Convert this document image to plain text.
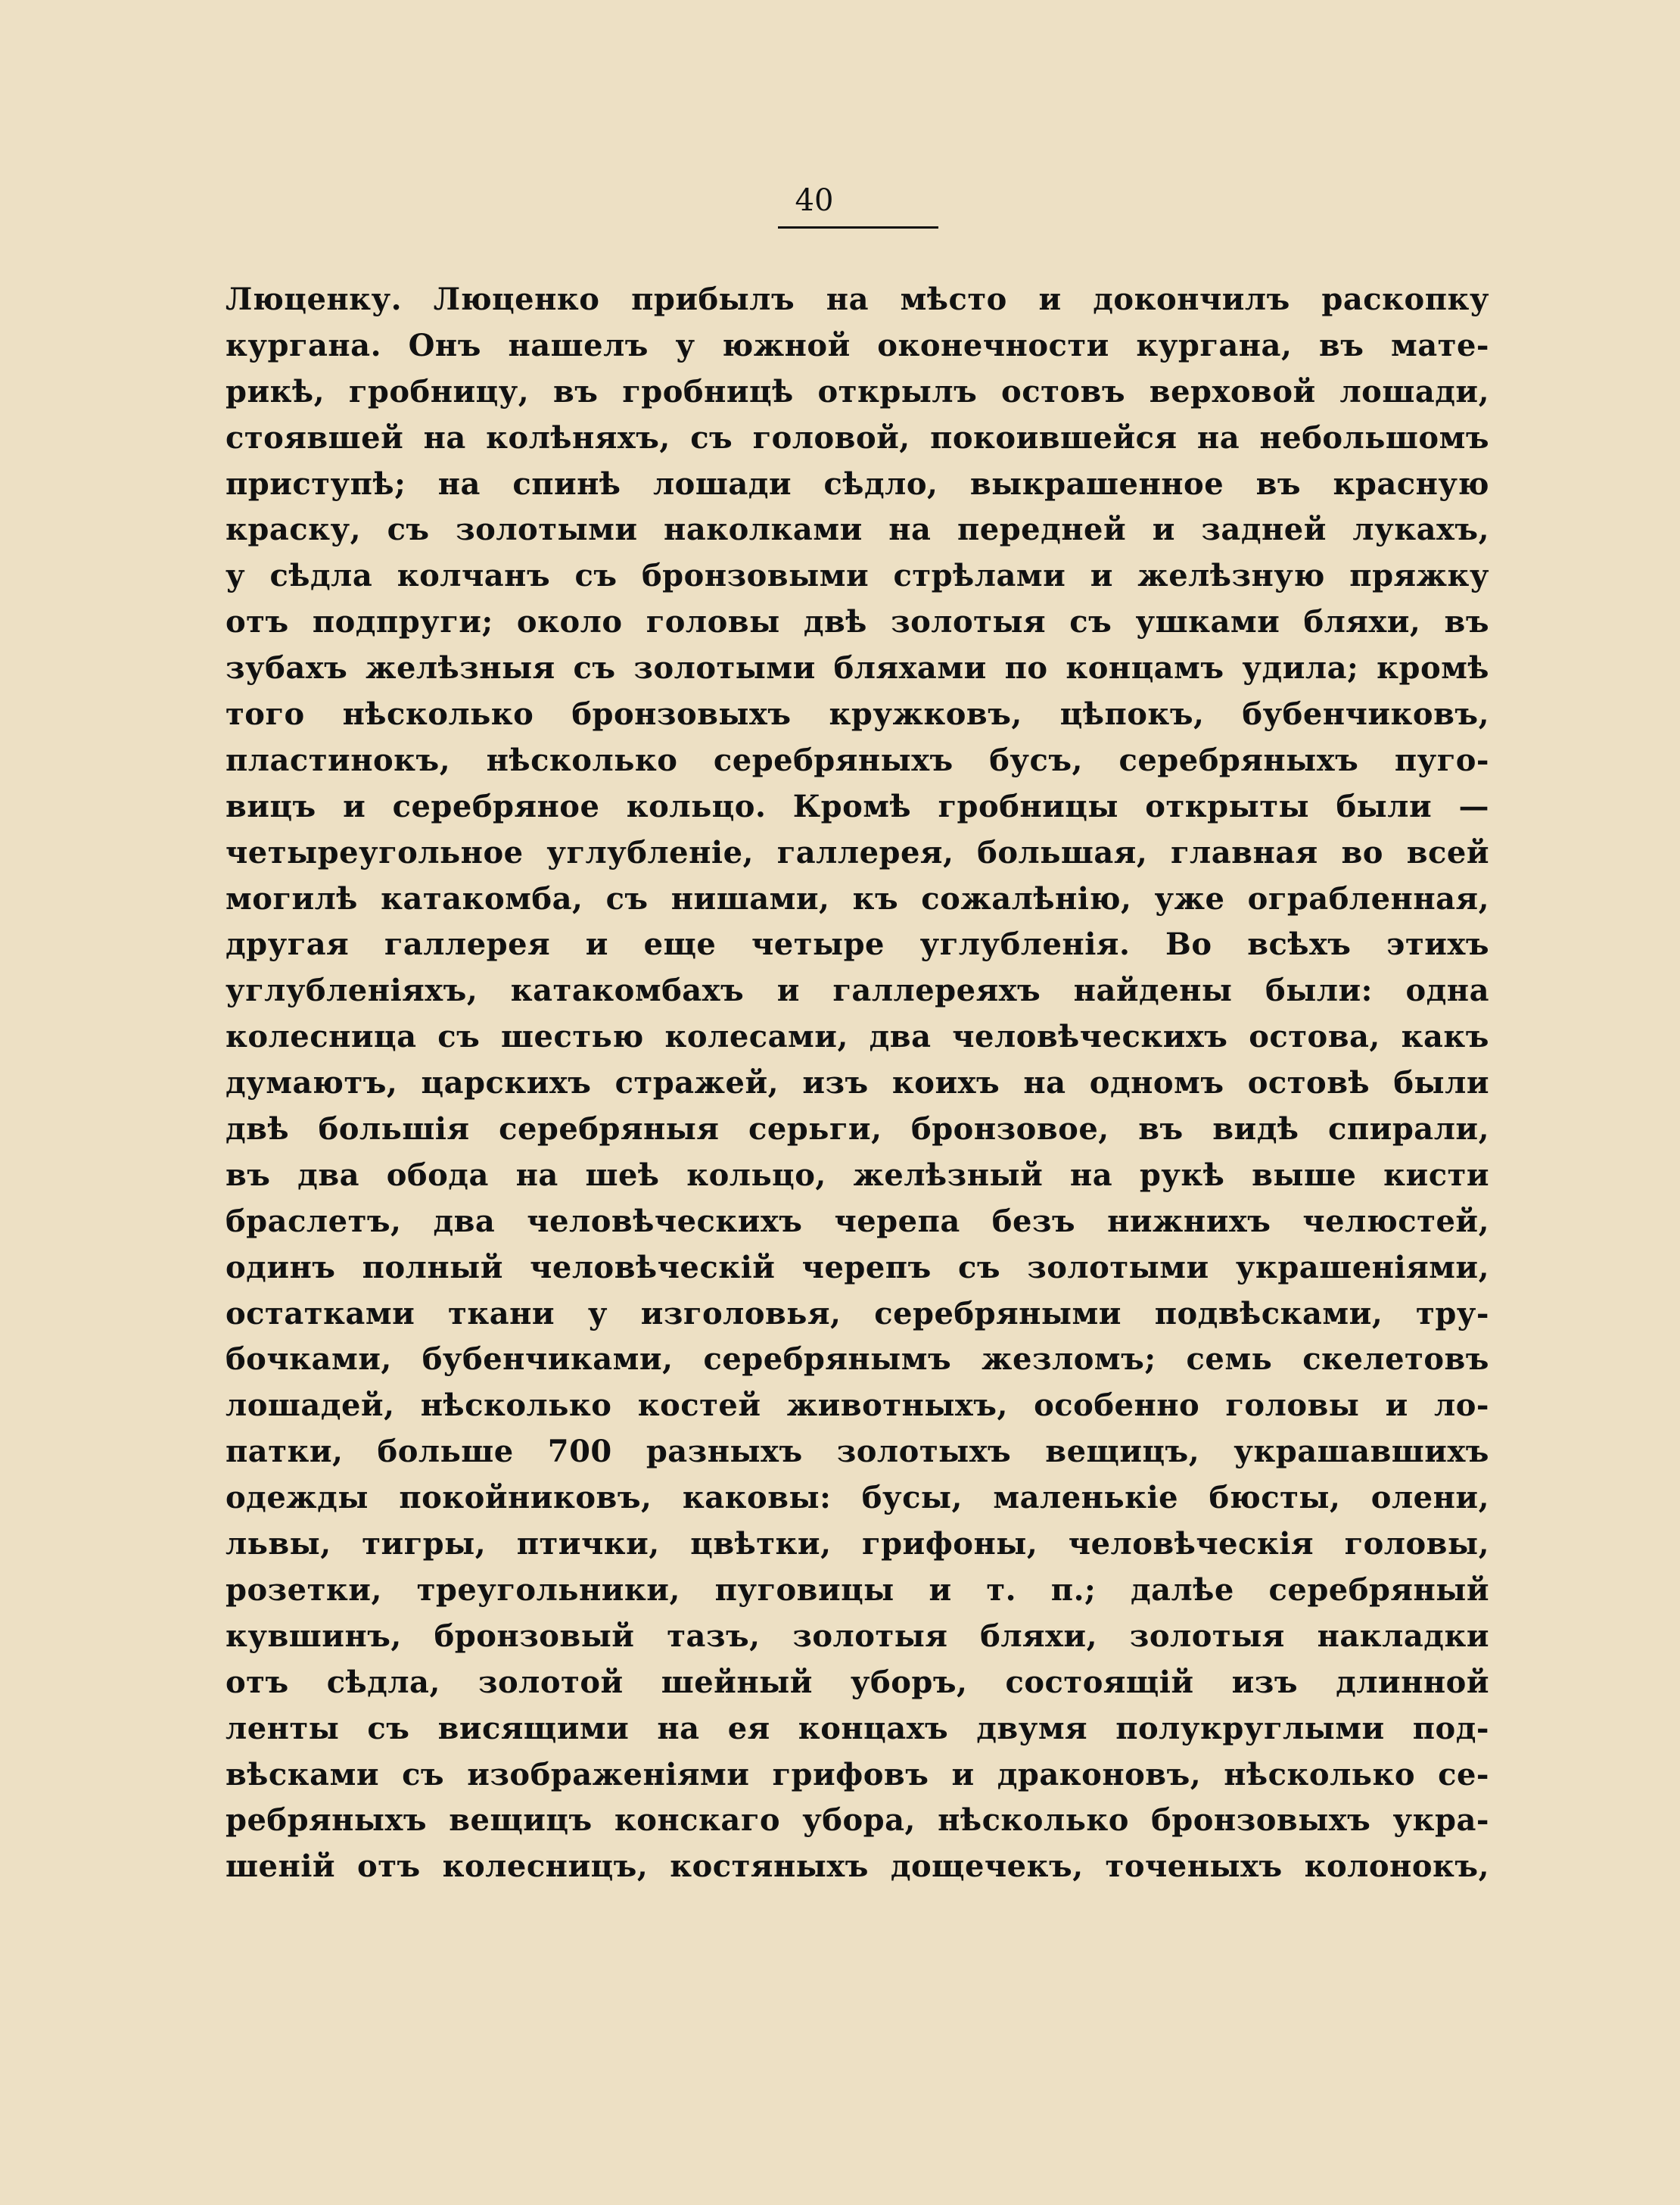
40
Люценку. Люценко прибылъ на мѣсто и докончилъ раскопку
кургана. Онъ нашелъ у южной оконечности кургана, въ мате-
рикѣ, гробницу, въ гробницѣ открылъ остовъ верховой лошади,
стоявшей на колѣняхъ, съ головой, покоившейся на небольшомъ
приступѣ; на спинѣ лошади сѣдло, выкрашенное въ красную
краску, съ золотыми наколками на передней и задней лукахъ,
у сѣдла колчанъ съ бронзовыми стрѣлами и желѣзную пряжку
отъ подпруги; около головы двѣ золотыя съ ушками бляхи, въ
зубахъ желѣзныя съ золотыми бляхами по концамъ удила; кромѣ
того нѣсколько бронзовыхъ кружковъ, цѣпокъ, бубенчиковъ,
пластинокъ, нѣсколько серебряныхъ бусъ, серебряныхъ пуго-
вицъ и серебряное кольцо. Кромѣ гробницы открыты были —
четыреугольное углубленіе, галлерея, большая, главная во всей
могилѣ катакомба, съ нишами, къ сожалѣнію, уже ограбленная,
другая галлерея и еще четыре углубленія. Во всѣхъ этихъ
углубленіяхъ, катакомбахъ и галлереяхъ найдены были: одна
колесница съ шестью колесами, два человѣческихъ остова, какъ
думаютъ, царскихъ стражей, изъ коихъ на одномъ остовѣ были
двѣ большія серебряныя серьги, бронзовое, въ видѣ спирали,
въ два обода на шеѣ кольцо, желѣзный на рукѣ выше кисти
браслетъ, два человѣческихъ черепа безъ нижнихъ челюстей,
одинъ полный человѣческій черепъ съ золотыми украшеніями,
остатками ткани у изголовья, серебряными подвѣсками, тру-
бочками, бубенчиками, серебрянымъ жезломъ; семь скелетовъ
лошадей, нѣсколько костей животныхъ, особенно головы и ло-
патки, больше 700 разныхъ золотыхъ вещицъ, украшавшихъ
одежды покойниковъ, каковы: бусы, маленькіе бюсты, олени,
львы, тигры, птички, цвѣтки, грифоны, человѣческія головы,
розетки, треугольники, пуговицы и т. п.; далѣе серебряный
кувшинъ, бронзовый тазъ, золотыя бляхи, золотыя накладки
отъ сѣдла, золотой шейный уборъ, состоящій изъ длинной
ленты съ висящими на ея концахъ двумя полукруглыми под-
вѣсками съ изображеніями грифовъ и драконовъ, нѣсколько се-
ребряныхъ вещицъ конскаго убора, нѣсколько бронзовыхъ укра-
шеній отъ колесницъ, костяныхъ дощечекъ, точеныхъ колонокъ,
